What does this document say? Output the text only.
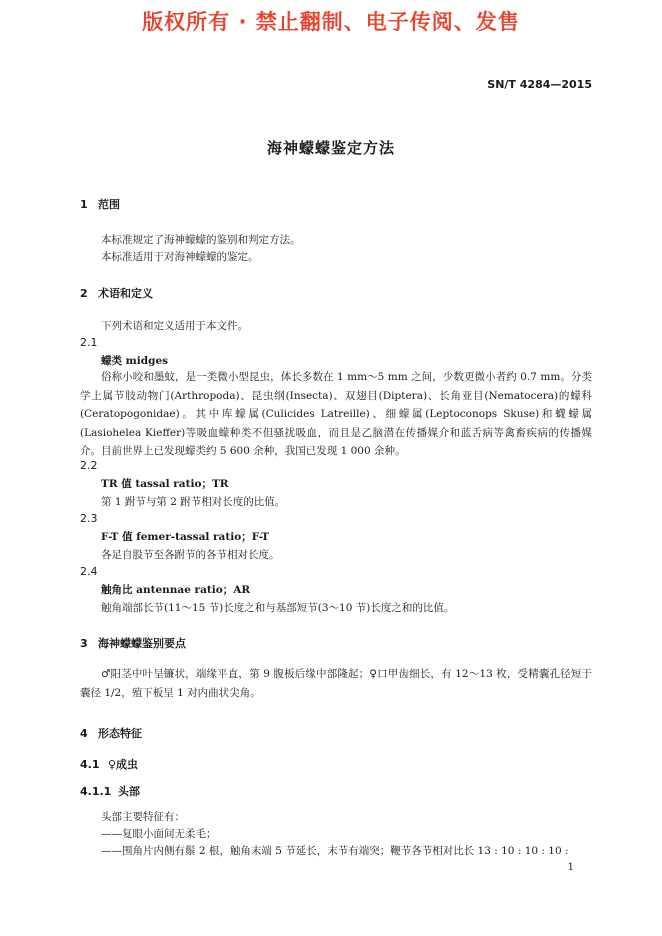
版权所有 · 禁止翻制、电子传阅、发售
SN/T 4284—2015
海神蠓蠓鉴定方法
1 范围
本标准规定了海神蠓蠓的鉴别和判定方法。
本标准适用于对海神蠓蠓的鉴定。
2 术语和定义
下列术语和定义适用于本文件。
2.1
蠓类 midges
俗称小咬和墨蚊，是一类微小型昆虫，体长多数在 1 mm～5 mm 之间，少数更微小者约 0.7 mm。分类学上属节肢动物门(Arthropoda)、昆虫纲(Insecta)、双翅目(Diptera)、长角亚目(Nematocera)的蠓科(Ceratopogonidae)。其中库蠓属(Culicides Latreille)、细蠓属(Leptoconops Skuse)和蠛蠓属(Lasiohelea Kieffer)等吸血蠓种类不但骚扰吸血，而且是乙脑潜在传播媒介和蓝舌病等禽畜疾病的传播媒介。目前世界上已发现蠓类约 5 600 余种，我国已发现 1 000 余种。
2.2
TR 值 tassal ratio；TR
第 1 跗节与第 2 跗节相对长度的比值。
2.3
F-T 值 femer-tassal ratio；F-T
各足自股节至各跗节的各节相对长度。
2.4
触角比 antennae ratio；AR
触角端部长节(11～15 节)长度之和与基部短节(3～10 节)长度之和的比值。
3 海神蠓蠓鉴别要点
♂阳茎中叶呈镰状，端缘平直，第 9 腹板后缘中部隆起；♀口甲齿细长，有 12～13 枚，受精囊孔径短于囊径 1/2，殖下板呈 1 对内曲状尖角。
4 形态特征
4.1 ♀成虫
4.1.1 头部
头部主要特征有：
——复眼小面间无柔毛；
——围角片内侧有鬃 2 根，触角末端 5 节延长，末节有端突；鞭节各节相对比长 13 : 10 : 10 : 10 :
1
